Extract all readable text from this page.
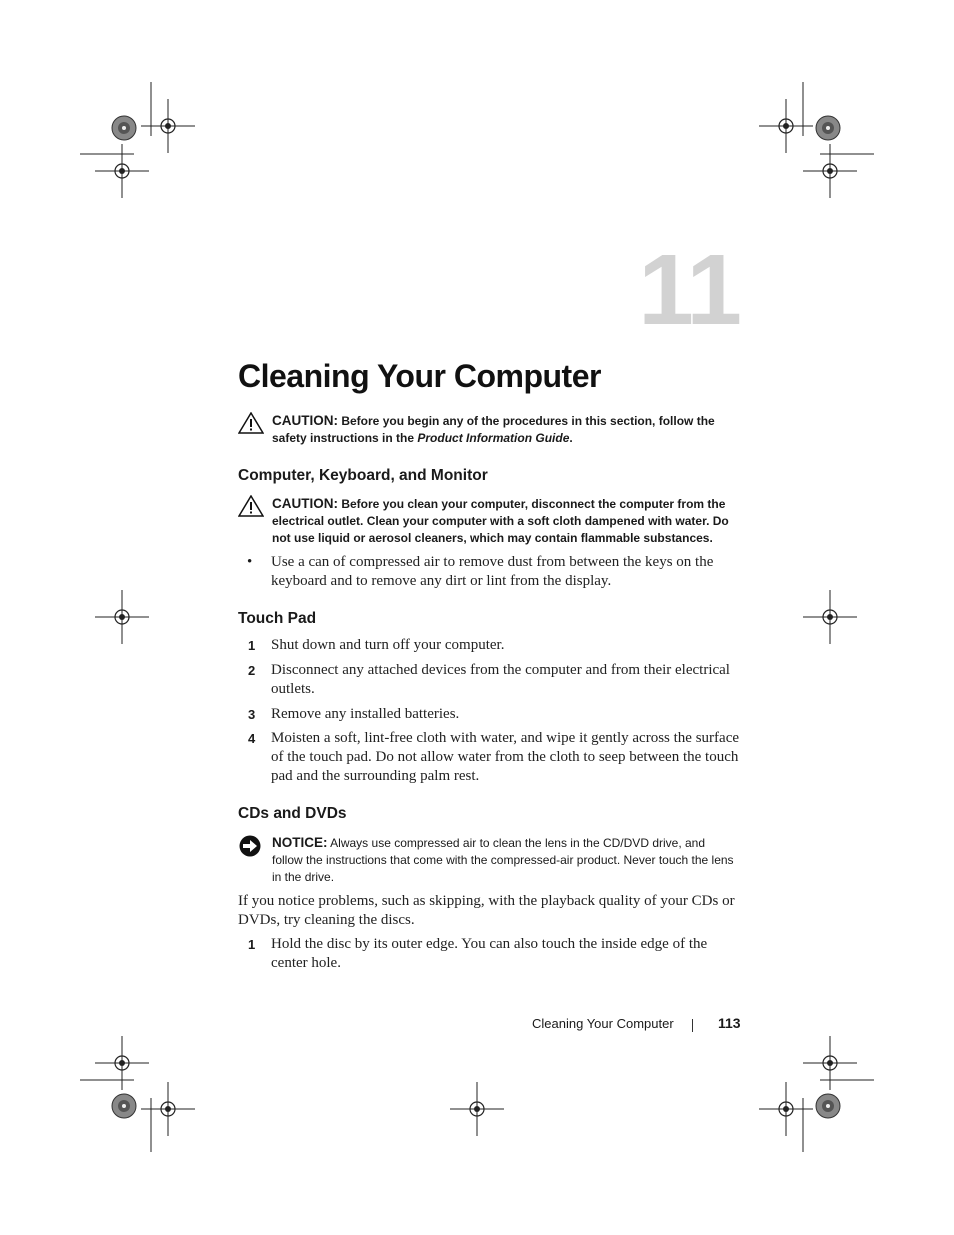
11
Cleaning Your Computer
CAUTION: Before you begin any of the procedures in this section, follow the safety instructions in the Product Information Guide.
Computer, Keyboard, and Monitor
CAUTION: Before you clean your computer, disconnect the computer from the electrical outlet. Clean your computer with a soft cloth dampened with water. Do not use liquid or aerosol cleaners, which may contain flammable substances.
• Use a can of compressed air to remove dust from between the keys on the keyboard and to remove any dirt or lint from the display.

Touch Pad
1 Shut down and turn off your computer.

2 Disconnect any attached devices from the computer and from their electrical outlets.

3 Remove any installed batteries.

4 Moisten a soft, lint-free cloth with water, and wipe it gently across the surface of the touch pad. Do not allow water from the cloth to seep between the touch pad and the surrounding palm rest.

CDs and DVDs
NOTICE: Always use compressed air to clean the lens in the CD/DVD drive, and follow the instructions that come with the compressed-air product. Never touch the lens in the drive.

If you notice problems, such as skipping, with the playback quality of your CDs or DVDs, try cleaning the discs.

1 Hold the disc by its outer edge. You can also touch the inside edge of the center hole.

Cleaning Your Computer	113
